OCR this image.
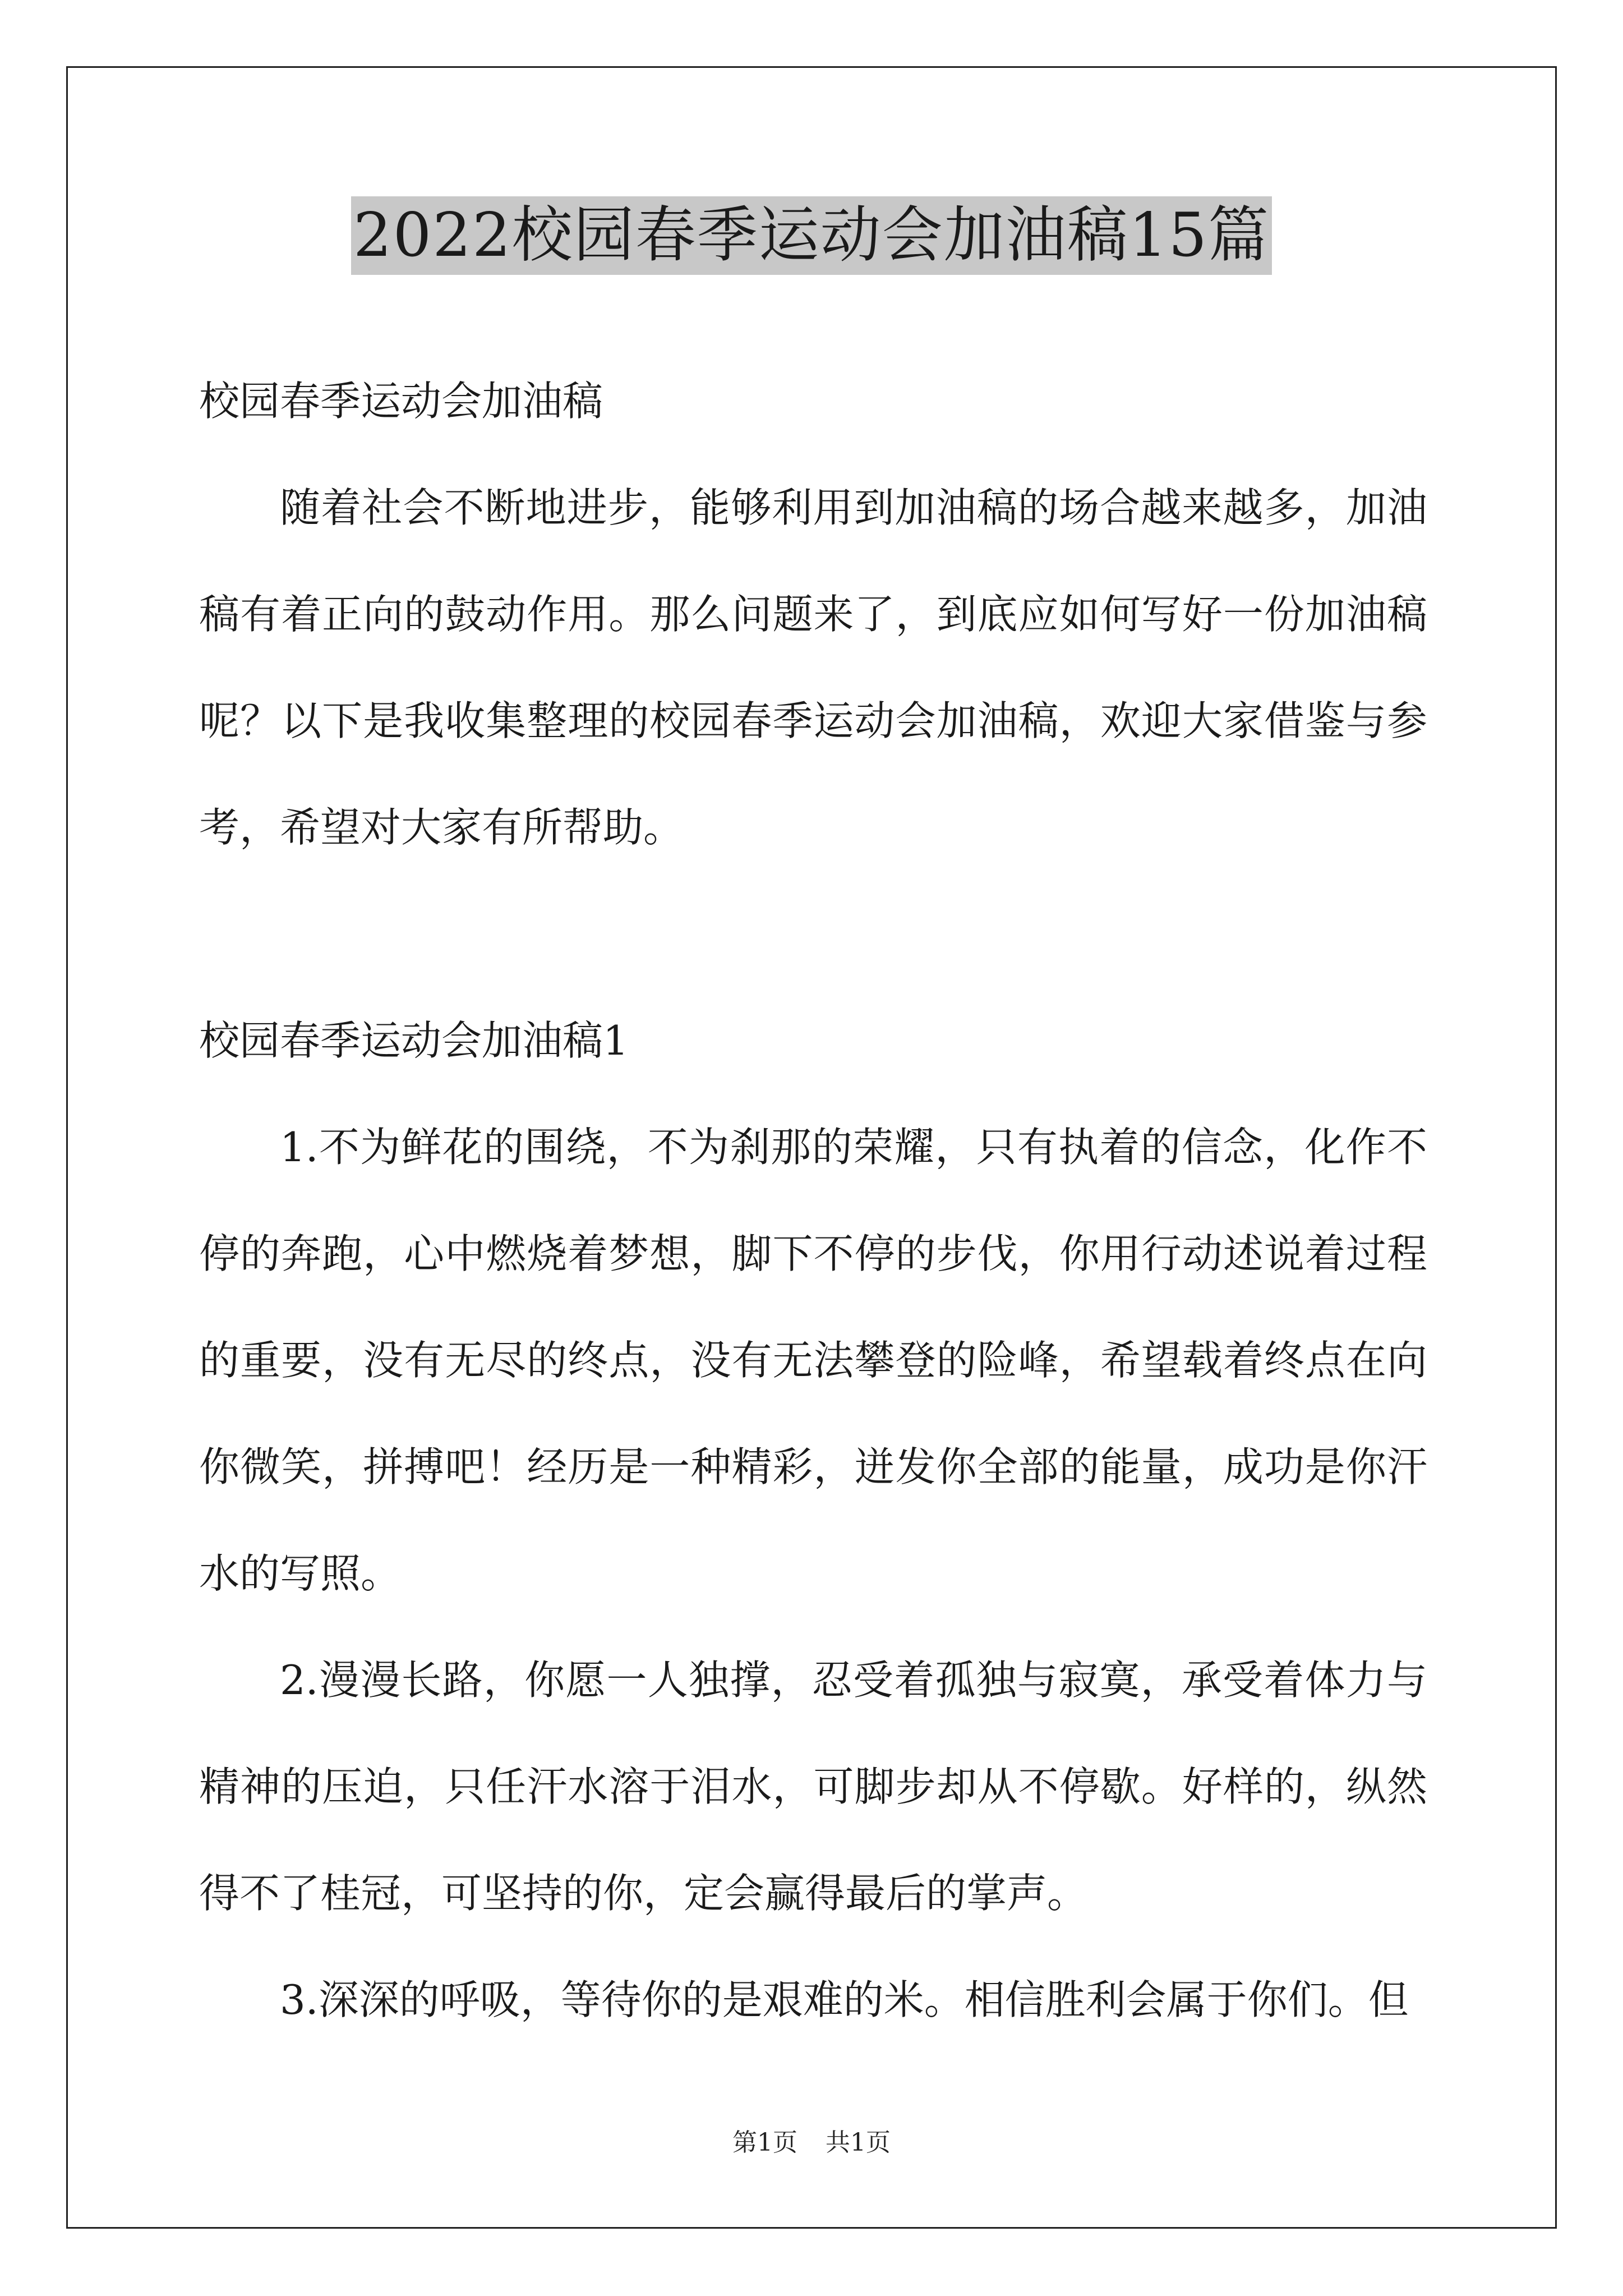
2022校园春季运动会加油稿15篇

校园春季运动会加油稿

随着社会不断地进步，能够利用到加油稿的场合越来越多，加油稿有着正向的鼓动作用。那么问题来了，到底应如何写好一份加油稿呢？以下是我收集整理的校园春季运动会加油稿，欢迎大家借鉴与参考，希望对大家有所帮助。

校园春季运动会加油稿1

1.不为鲜花的围绕，不为刹那的荣耀，只有执着的信念，化作不停的奔跑，心中燃烧着梦想，脚下不停的步伐，你用行动述说着过程的重要，没有无尽的终点，没有无法攀登的险峰，希望载着终点在向你微笑，拼搏吧！经历是一种精彩，迸发你全部的能量，成功是你汗水的写照。

2.漫漫长路，你愿一人独撑，忍受着孤独与寂寞，承受着体力与精神的压迫，只任汗水溶于泪水，可脚步却从不停歇。好样的，纵然得不了桂冠，可坚持的你，定会赢得最后的掌声。

3.深深的呼吸，等待你的是艰难的米。相信胜利会属于你们。但

第1页 共1页
